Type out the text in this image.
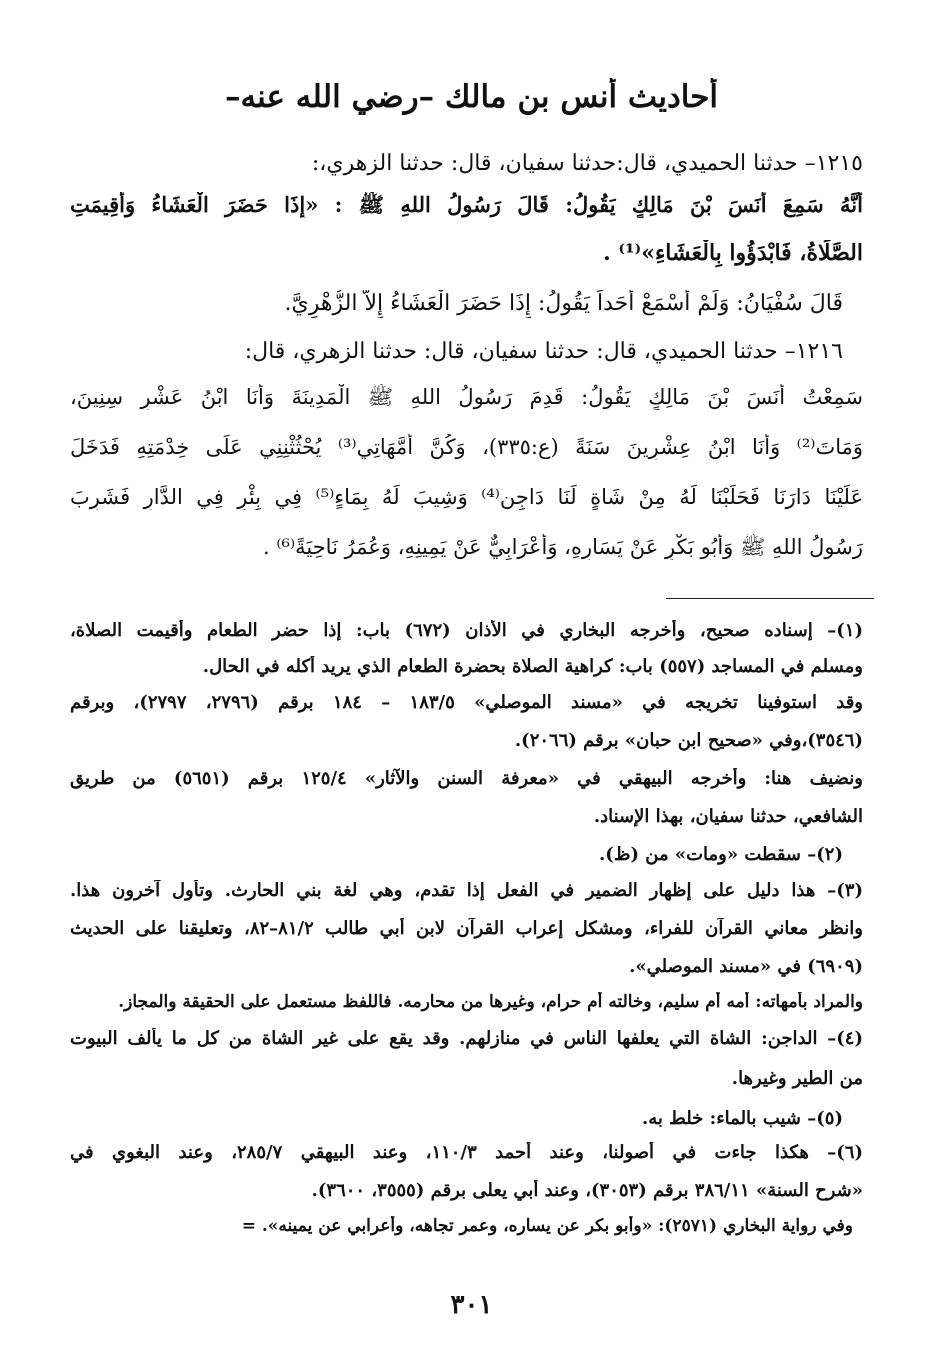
أحاديث أنس بن مالك –رضي الله عنه–
١٢١٥– حدثنا الحميدي، قال:حدثنا سفيان، قال: حدثنا الزهري،:
أَنَّهُ سَمِعَ أَنَسَ بْنَ مَالِكٍ يَقُولُ: قَالَ رَسُولُ اللهِ ﷺ : «إِذَا حَضَرَ الْعَشَاءُ وَأُقِيمَتِ
الصَّلَاةُ، فَابْدَؤُوا بِالْعَشَاءِ»⁽¹⁾ .
قَالَ سُفْيَانُ: وَلَمْ أَسْمَعْ أَحَداً يَقُولُ: إِذَا حَضَرَ الْعَشَاءُ إِلاَّ الزُّهْرِيَّ.
١٢١٦– حدثنا الحميدي، قال: حدثنا سفيان، قال: حدثنا الزهري، قال:
سَمِعْتُ أَنَسَ بْنَ مَالِكٍ يَقُولُ: قَدِمَ رَسُولُ اللهِ ﷺ الْمَدِينَةَ وَأَنَا ابْنُ عَشْرِ سِنِينَ،
وَمَاتَ⁽²⁾ وَأَنَا ابْنُ عِشْرِينَ سَنَةً (ع:٣٣٥)، وَكُنَّ أُمَّهَاتِي⁽³⁾ يُحْثُثْنِنِي عَلَى خِدْمَتِهِ فَدَخَلَ
عَلَيْنَا دَارَنَا فَحَلَبْنَا لَهُ مِنْ شَاةٍ لَنَا دَاجِنٍ⁽⁴⁾ وَشِيبَ لَهُ بِمَاءٍ⁽⁵⁾ فِي بِئْرٍ فِي الدَّارِ فَشَرِبَ
رَسُولُ اللهِ ﷺ وَأَبُو بَكْرٍ عَنْ يَسَارِهِ، وَأَعْرَابِيٌّ عَنْ يَمِينِهِ، وَعُمَرُ نَاحِيَةً⁽⁶⁾ .
(١)– إسناده صحيح، وأخرجه البخاري في الأذان (٦٧٢) باب: إذا حضر الطعام وأقيمت الصلاة،
ومسلم في المساجد (٥٥٧) باب: كراهية الصلاة بحضرة الطعام الذي يريد أكله في الحال.
وقد استوفينا تخريجه في «مسند الموصلي» ١٨٣/٥ – ١٨٤ برقم (٢٧٩٦، ٢٧٩٧)، وبرقم
(٣٥٤٦)،وفي «صحيح ابن حبان» برقم (٢٠٦٦).
ونضيف هنا: وأخرجه البيهقي في «معرفة السنن والآثار» ١٢٥/٤ برقم (٥٦٥١) من طريق
الشافعي، حدثنا سفيان، بهذا الإسناد.
(٢)– سقطت «ومات» من (ظ).
(٣)– هذا دليل على إظهار الضمير في الفعل إذا تقدم، وهي لغة بني الحارث. وتأول آخرون هذا.
وانظر معاني القرآن للفراء، ومشكل إعراب القرآن لابن أبي طالب ٨١/٢–٨٢، وتعليقنا على الحديث
(٦٩٠٩) في «مسند الموصلي».
والمراد بأمهاته: أمه أم سليم، وخالته أم حرام، وغيرها من محارمه. فاللفظ مستعمل على الحقيقة والمجاز.
(٤)– الداجن: الشاة التي يعلفها الناس في منازلهم. وقد يقع على غير الشاة من كل ما يألف البيوت
من الطير وغيرها.
(٥)– شيب بالماء: خلط به.
(٦)– هكذا جاءت في أصولنا، وعند أحمد ١١٠/٣، وعند البيهقي ٢٨٥/٧، وعند البغوي في
«شرح السنة» ٣٨٦/١١ برقم (٣٠٥٣)، وعند أبي يعلى برقم (٣٥٥٥، ٣٦٠٠).
وفي رواية البخاري (٢٥٧١): «وأبو بكر عن يساره، وعمر تجاهه، وأعرابي عن يمينه». =
٣٠١
